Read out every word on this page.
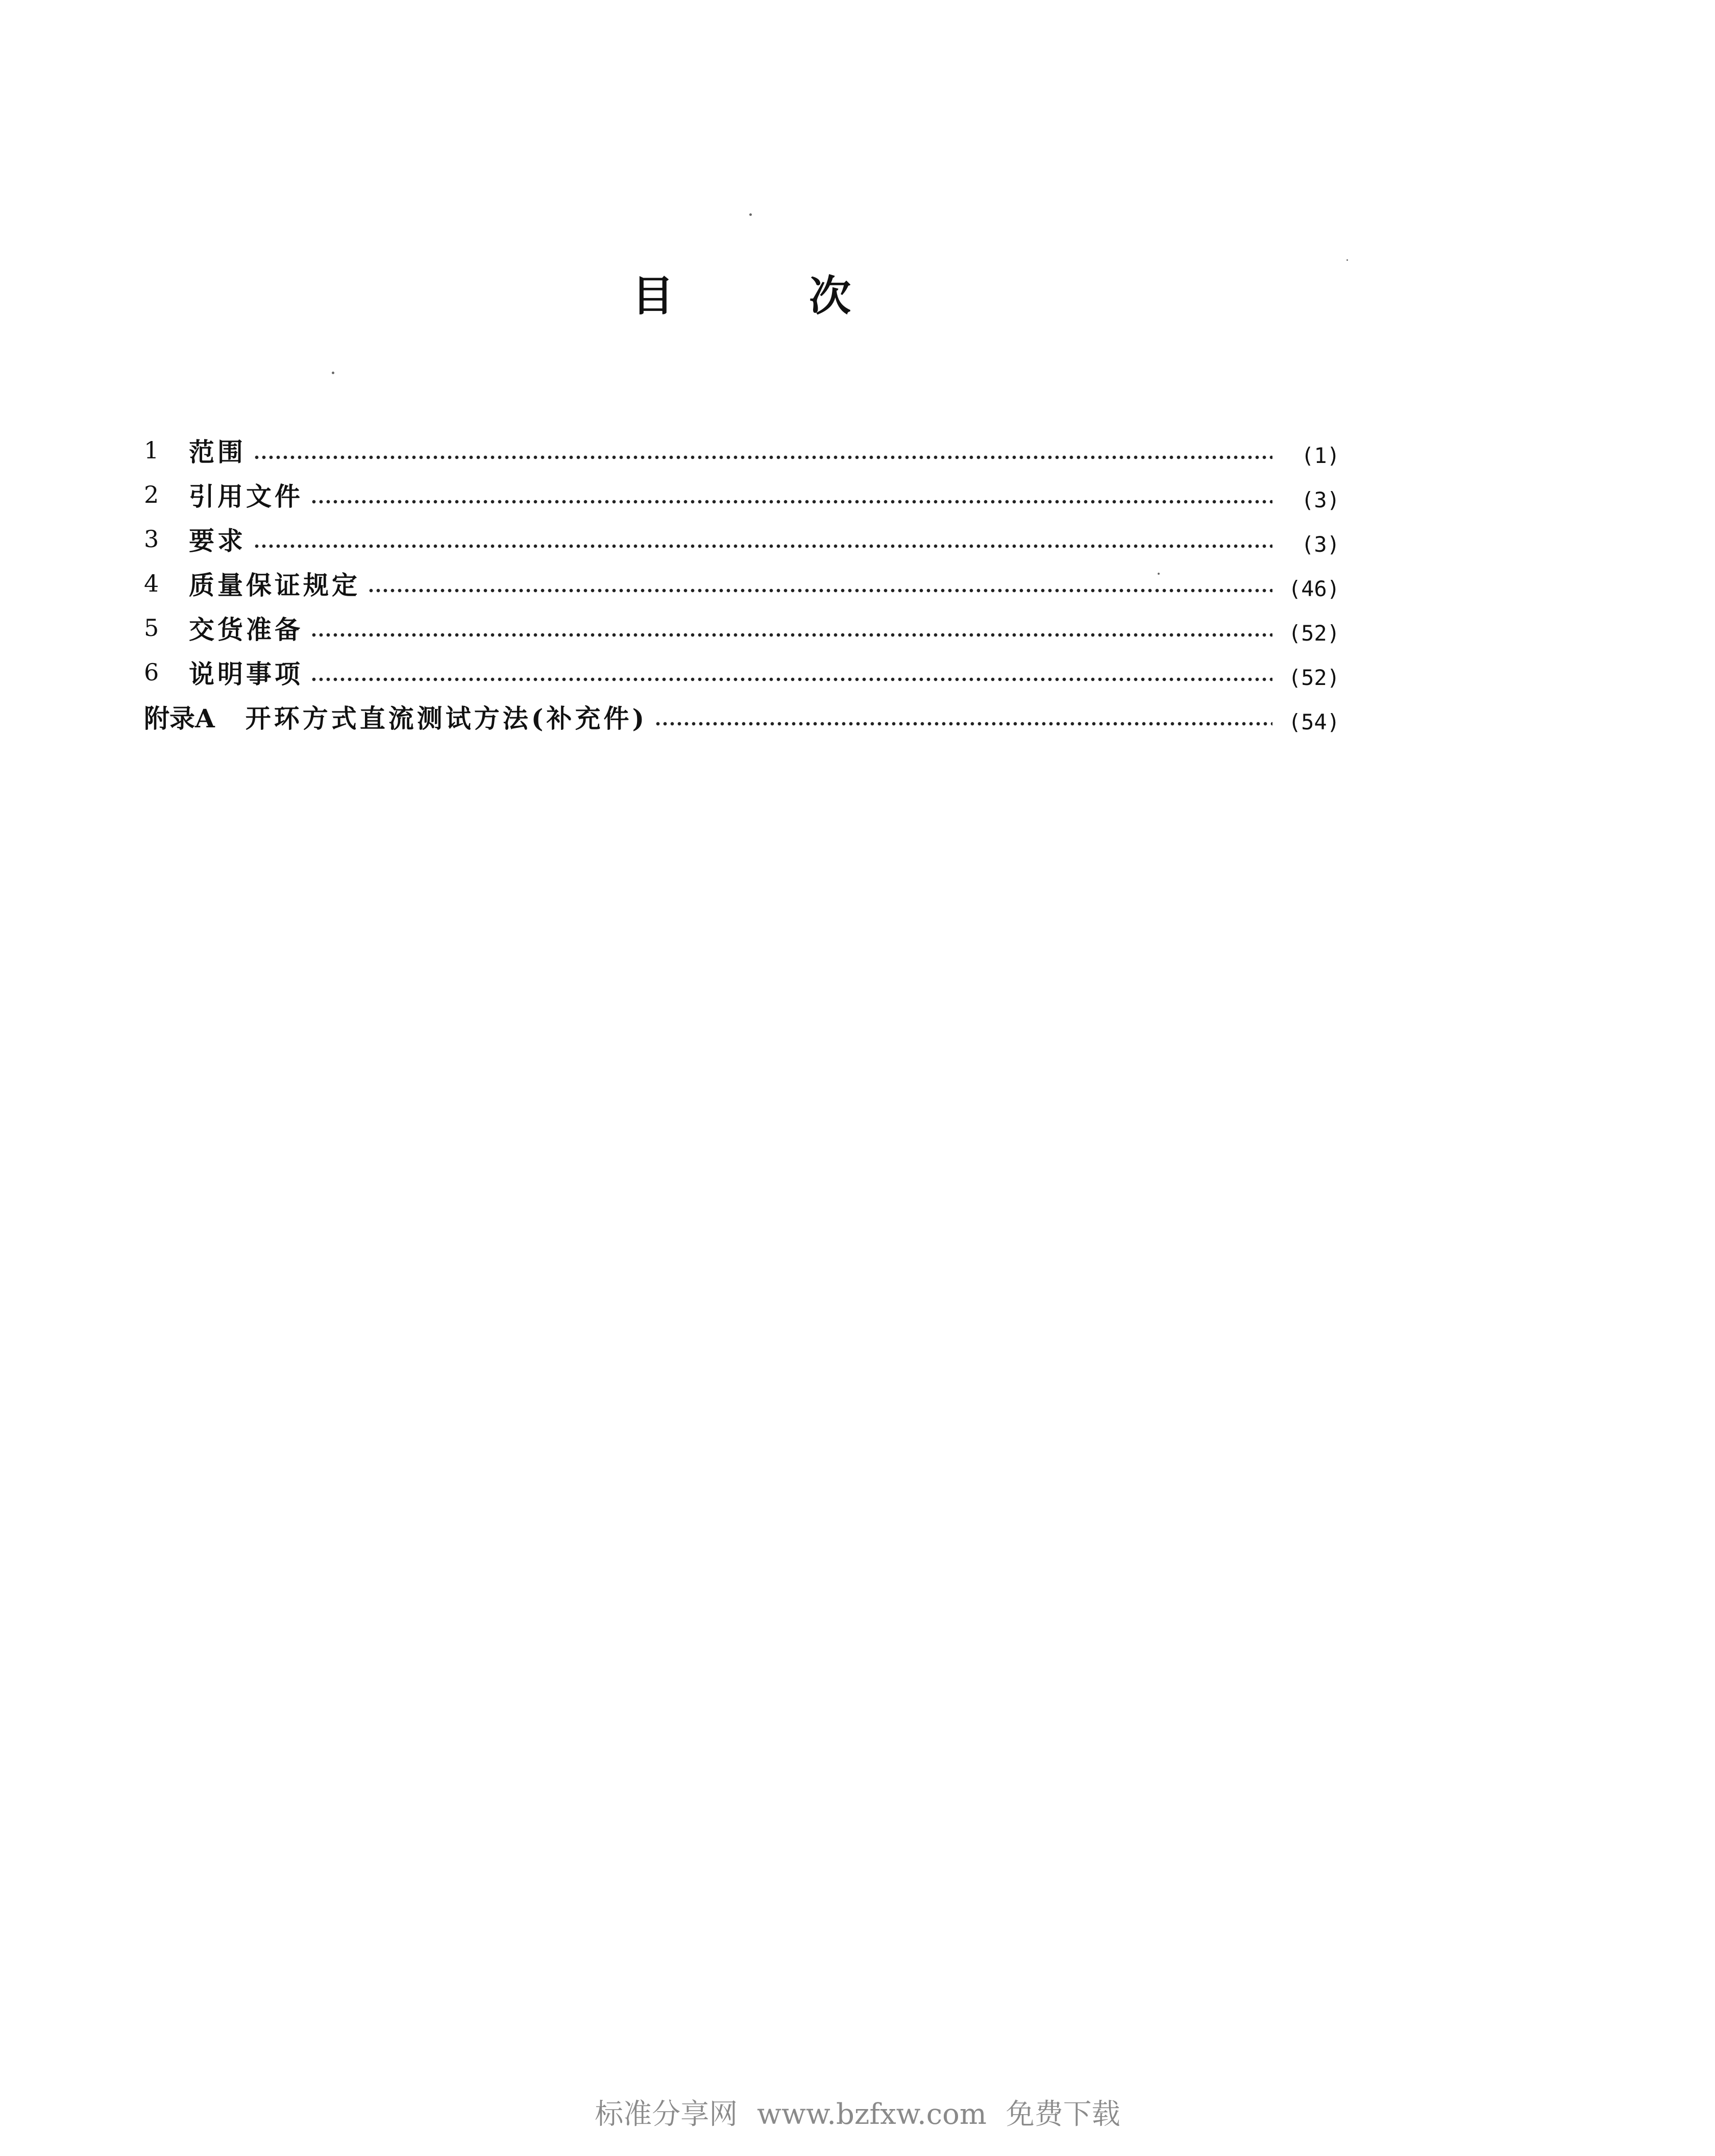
目	次
1	范围	(1)
2	引用文件	(3)
3	要求	(3)
4	质量保证规定	(46)
5	交货准备	(52)
6	说明事项	(52)
附录A 开环方式直流测试方法(补充件)	(54)
标准分享网 www.bzfxw.com 免费下载
